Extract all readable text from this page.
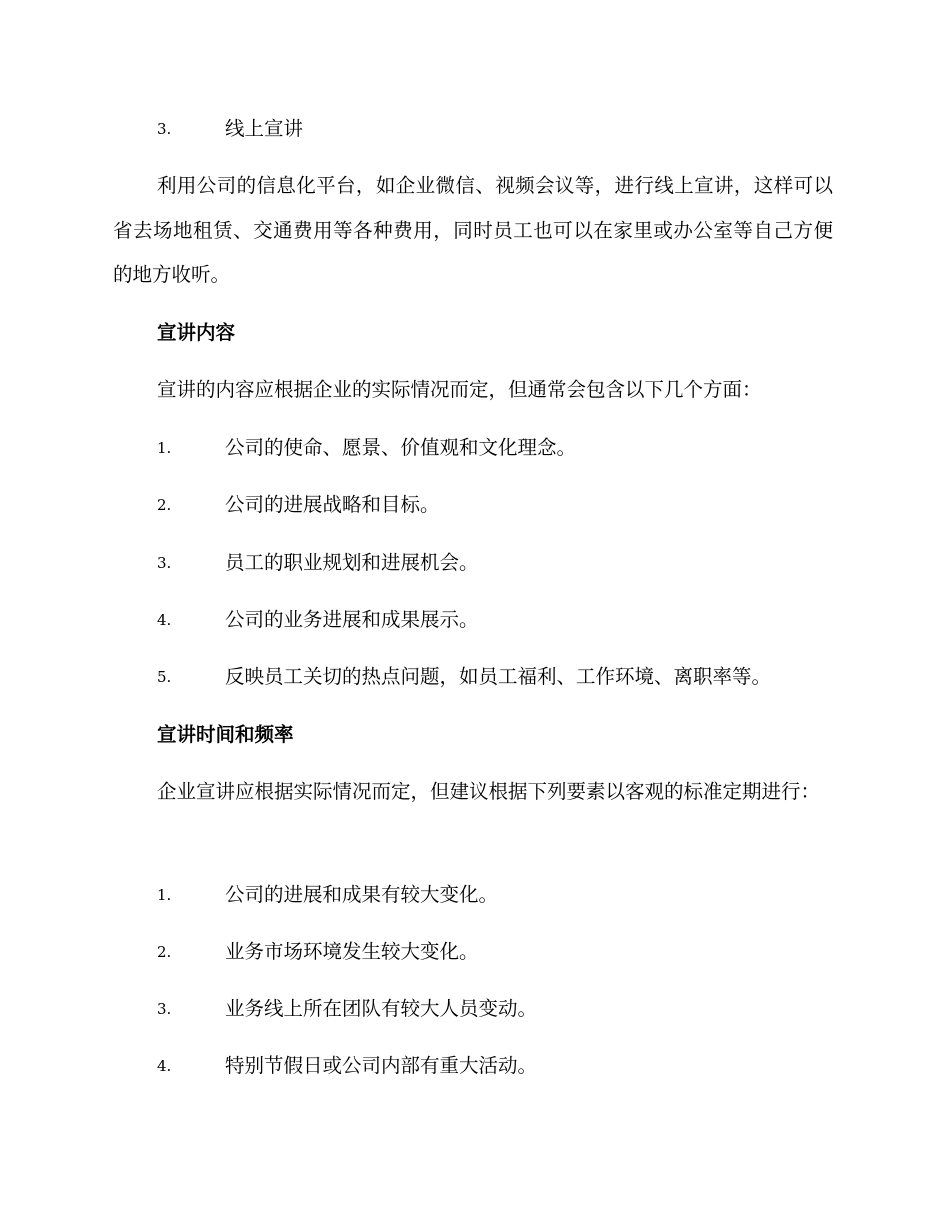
3.	线上宣讲

利用公司的信息化平台，如企业微信、视频会议等，进行线上宣讲，这样可以省去场地租赁、交通费用等各种费用，同时员工也可以在家里或办公室等自己方便的地方收听。

宣讲内容

宣讲的内容应根据企业的实际情况而定，但通常会包含以下几个方面：

1.	公司的使命、愿景、价值观和文化理念。
2.	公司的进展战略和目标。
3.	员工的职业规划和进展机会。
4.	公司的业务进展和成果展示。
5.	反映员工关切的热点问题，如员工福利、工作环境、离职率等。
宣讲时间和频率

企业宣讲应根据实际情况而定，但建议根据下列要素以客观的标准定期进行：

1.	公司的进展和成果有较大变化。
2.	业务市场环境发生较大变化。
3.	业务线上所在团队有较大人员变动。
4.	特别节假日或公司内部有重大活动。
